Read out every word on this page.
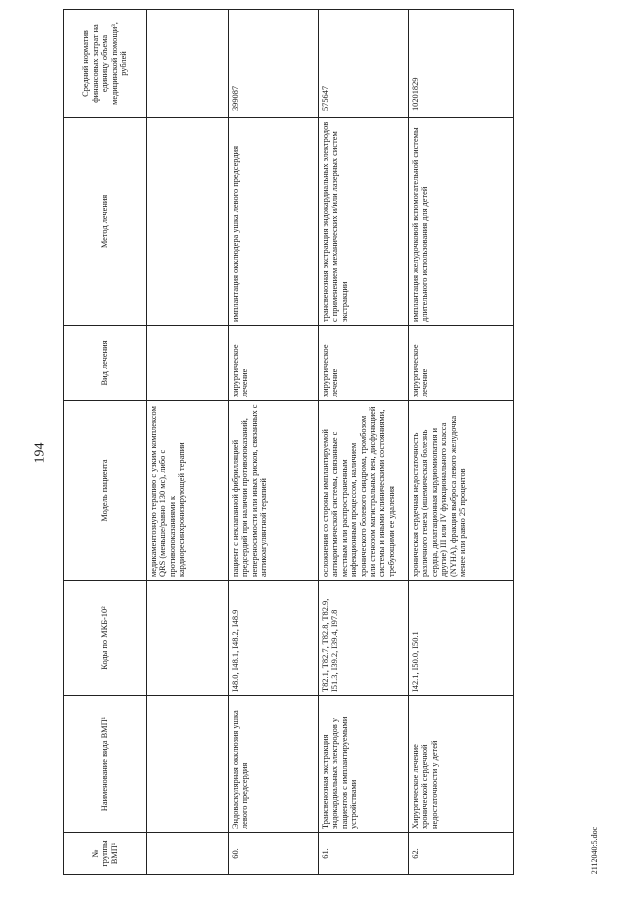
194
№ группы ВМП¹	Наименование вида ВМП¹	Коды по МКБ-10²	Модель пациента	Вид лечения	Метод лечения	Средний норматив финансовых затрат на единицу объема медицинской помощи³, рублей
			медикаментозную терапию с узким комплексом QRS (меньше/равно 130 мс), либо с противопоказаниями к кардиоресинхронизирующей терапии			
60.	Эндоваскулярная окклюзия ушка левого предсердия	I48.0, I48.1, I48.2, I48.9	пациент с неклапанной фибрилляцией предсердий при наличии противопоказаний, непереносимости или иных рисков, связанных с антикоагулянтной терапией	хирургическое лечение	имплантация окклюдера ушка левого предсердия	399087
61.	Трансвенозная экстракция эндокардиальных электродов у пациентов с имплантируемыми устройствами	T82.1, T82.7, T82.8, T82.9, I51.3, I39.2, I39.4, I97.8	осложнения со стороны имплантируемой антиаритмической системы, связанные с местным или распространенным инфекционным процессом, наличием хронического болевого синдрома, тромбозом или стенозом магистральных вен, дисфункцией системы и иными клиническими состояниями, требующими ее удаления	хирургическое лечение	трансвенозная экстракция эндокардиальных электродов с применением механических и/или лазерных систем экстракции	575647
62.	Хирургическое лечение хронической сердечной недостаточности у детей	I42.1, I50.0, I50.1	хроническая сердечная недостаточность различного генеза (ишемическая болезнь сердца, дилатационная кардиомиопатия и другие) III или IV функционального класса (NYHA), фракция выброса левого желудочка менее или равно 25 процентов	хирургическое лечение	имплантация желудочковой вспомогательной системы длительного использования для детей	10201829
2112040:5.doc
